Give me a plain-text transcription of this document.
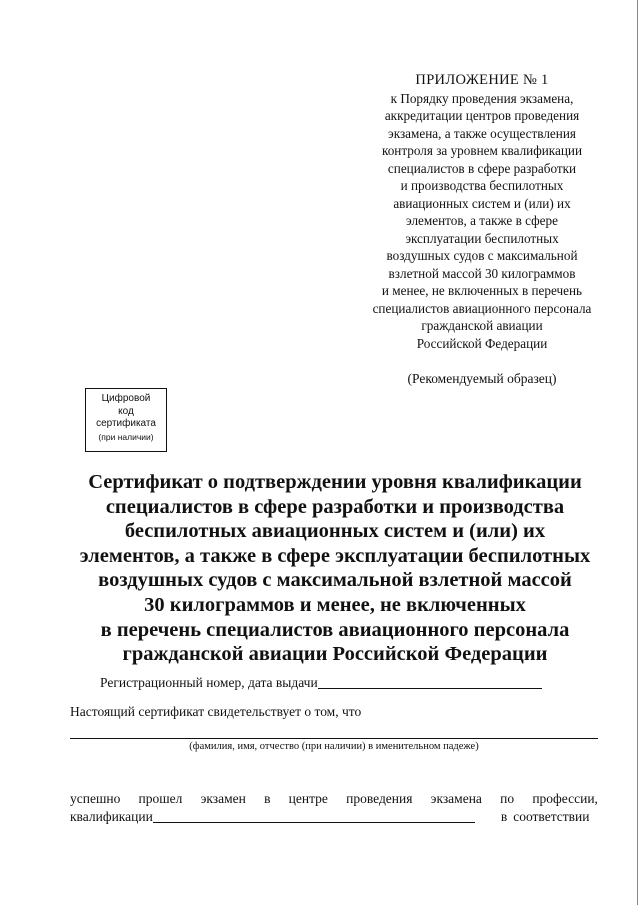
ПРИЛОЖЕНИЕ № 1
к Порядку проведения экзамена,
аккредитации центров проведения
экзамена, а также осуществления
контроля за уровнем квалификации
специалистов в сфере разработки
и производства беспилотных
авиационных систем и (или) их
элементов, а также в сфере
эксплуатации беспилотных
воздушных судов с максимальной
взлетной массой 30 килограммов
и менее, не включенных в перечень
специалистов авиационного персонала
гражданской авиации
Российской Федерации
(Рекомендуемый образец)
Цифровой
код
сертификата
(при наличии)
Сертификат о подтверждении уровня квалификации
специалистов в сфере разработки и производства
беспилотных авиационных систем и (или) их
элементов, а также в сфере эксплуатации беспилотных
воздушных судов с максимальной взлетной массой
30 килограммов и менее, не включенных
в перечень специалистов авиационного персонала
гражданской авиации Российской Федерации
Регистрационный номер, дата выдачи
Настоящий сертификат свидетельствует о том, что
(фамилия, имя, отчество (при наличии) в именительном падеже)
успешно прошел экзамен в центре проведения экзамена по профессии,
квалификации	в соответствии
